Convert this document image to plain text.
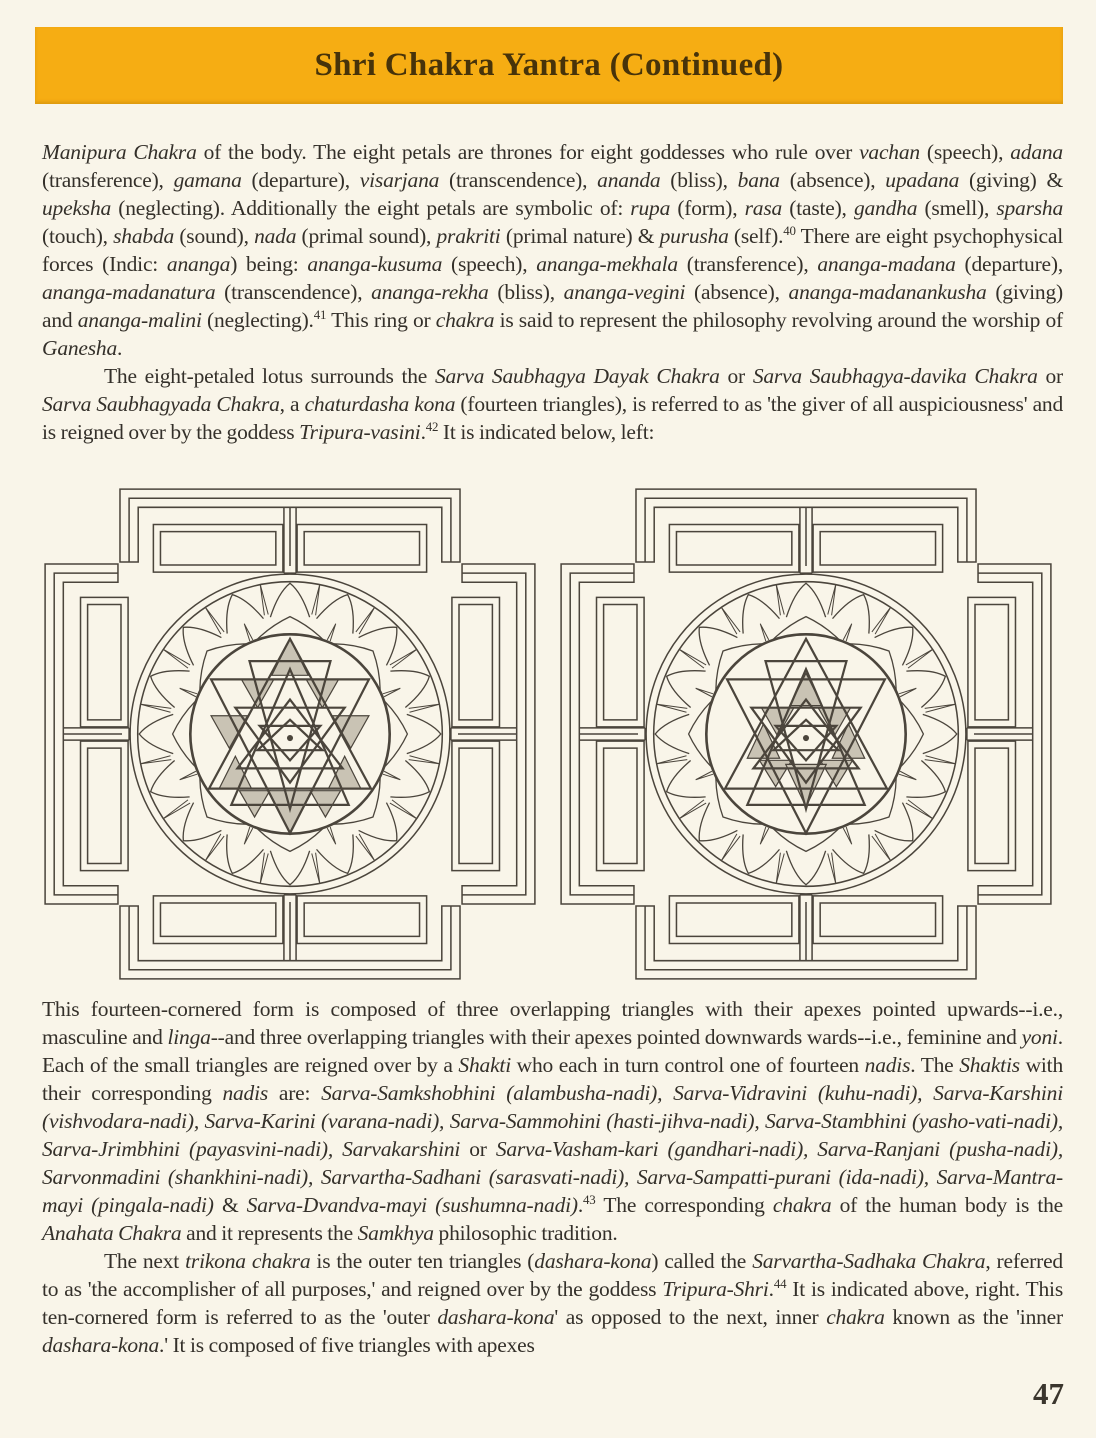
Shri Chakra Yantra (Continued)

Manipura Chakra of the body. The eight petals are thrones for eight goddesses who rule over vachan (speech), adana (transference), gamana (departure), visarjana (transcendence), ananda (bliss), bana (absence), upadana (giving) & upeksha (neglecting). Additionally the eight petals are symbolic of: rupa (form), rasa (taste), gandha (smell), sparsha (touch), shabda (sound), nada (primal sound), prakriti (primal nature) & purusha (self).$^{40}$ There are eight psychophysical forces (Indic: ananga) being: ananga-kusuma (speech), ananga-mekhala (transference), ananga-madana (departure), ananga-madanatura (transcendence), ananga-rekha (bliss), ananga-vegini (absence), ananga-madanankusha (giving) and ananga-malini (neglecting).$^{41}$ This ring or chakra is said to represent the philosophy revolving around the worship of Ganesha.

The eight-petaled lotus surrounds the Sarva Saubhagya Dayak Chakra or Sarva Saubhagya-davika Chakra or Sarva Saubhagyada Chakra, a chaturdasha kona (fourteen triangles), is referred to as 'the giver of all auspiciousness' and is reigned over by the goddess Tripura-vasini.$^{42}$ It is indicated below, left:

This fourteen-cornered form is composed of three overlapping triangles with their apexes pointed upwards--i.e., masculine and linga--and three overlapping triangles with their apexes pointed downwards wards--i.e., feminine and yoni. Each of the small triangles are reigned over by a Shakti who each in turn control one of fourteen nadis. The Shaktis with their corresponding nadis are: Sarva-Samkshobhini (alambusha-nadi), Sarva-Vidravini (kuhu-nadi), Sarva-Karshini (vishvodara-nadi), Sarva-Karini (varana-nadi), Sarva-Sammohini (hasti-jihva-nadi), Sarva-Stambhini (yasho-vati-nadi), Sarva-Jrimbhini (payasvini-nadi), Sarvakarshini or Sarva-Vasham-kari (gandhari-nadi), Sarva-Ranjani (pusha-nadi), Sarvonmadini (shankhini-nadi), Sarvartha-Sadhani (sarasvati-nadi), Sarva-Sampatti-purani (ida-nadi), Sarva-Mantra-mayi (pingala-nadi) & Sarva-Dvandva-mayi (sushumna-nadi).$^{43}$ The corresponding chakra of the human body is the Anahata Chakra and it represents the Samkhya philosophic tradition.

The next trikona chakra is the outer ten triangles (dashara-kona) called the Sarvartha-Sadhaka Chakra, referred to as 'the accomplisher of all purposes,' and reigned over by the goddess Tripura-Shri.$^{44}$ It is indicated above, right. This ten-cornered form is referred to as the 'outer dashara-kona' as opposed to the next, inner chakra known as the 'inner dashara-kona.' It is composed of five triangles with apexes

47
